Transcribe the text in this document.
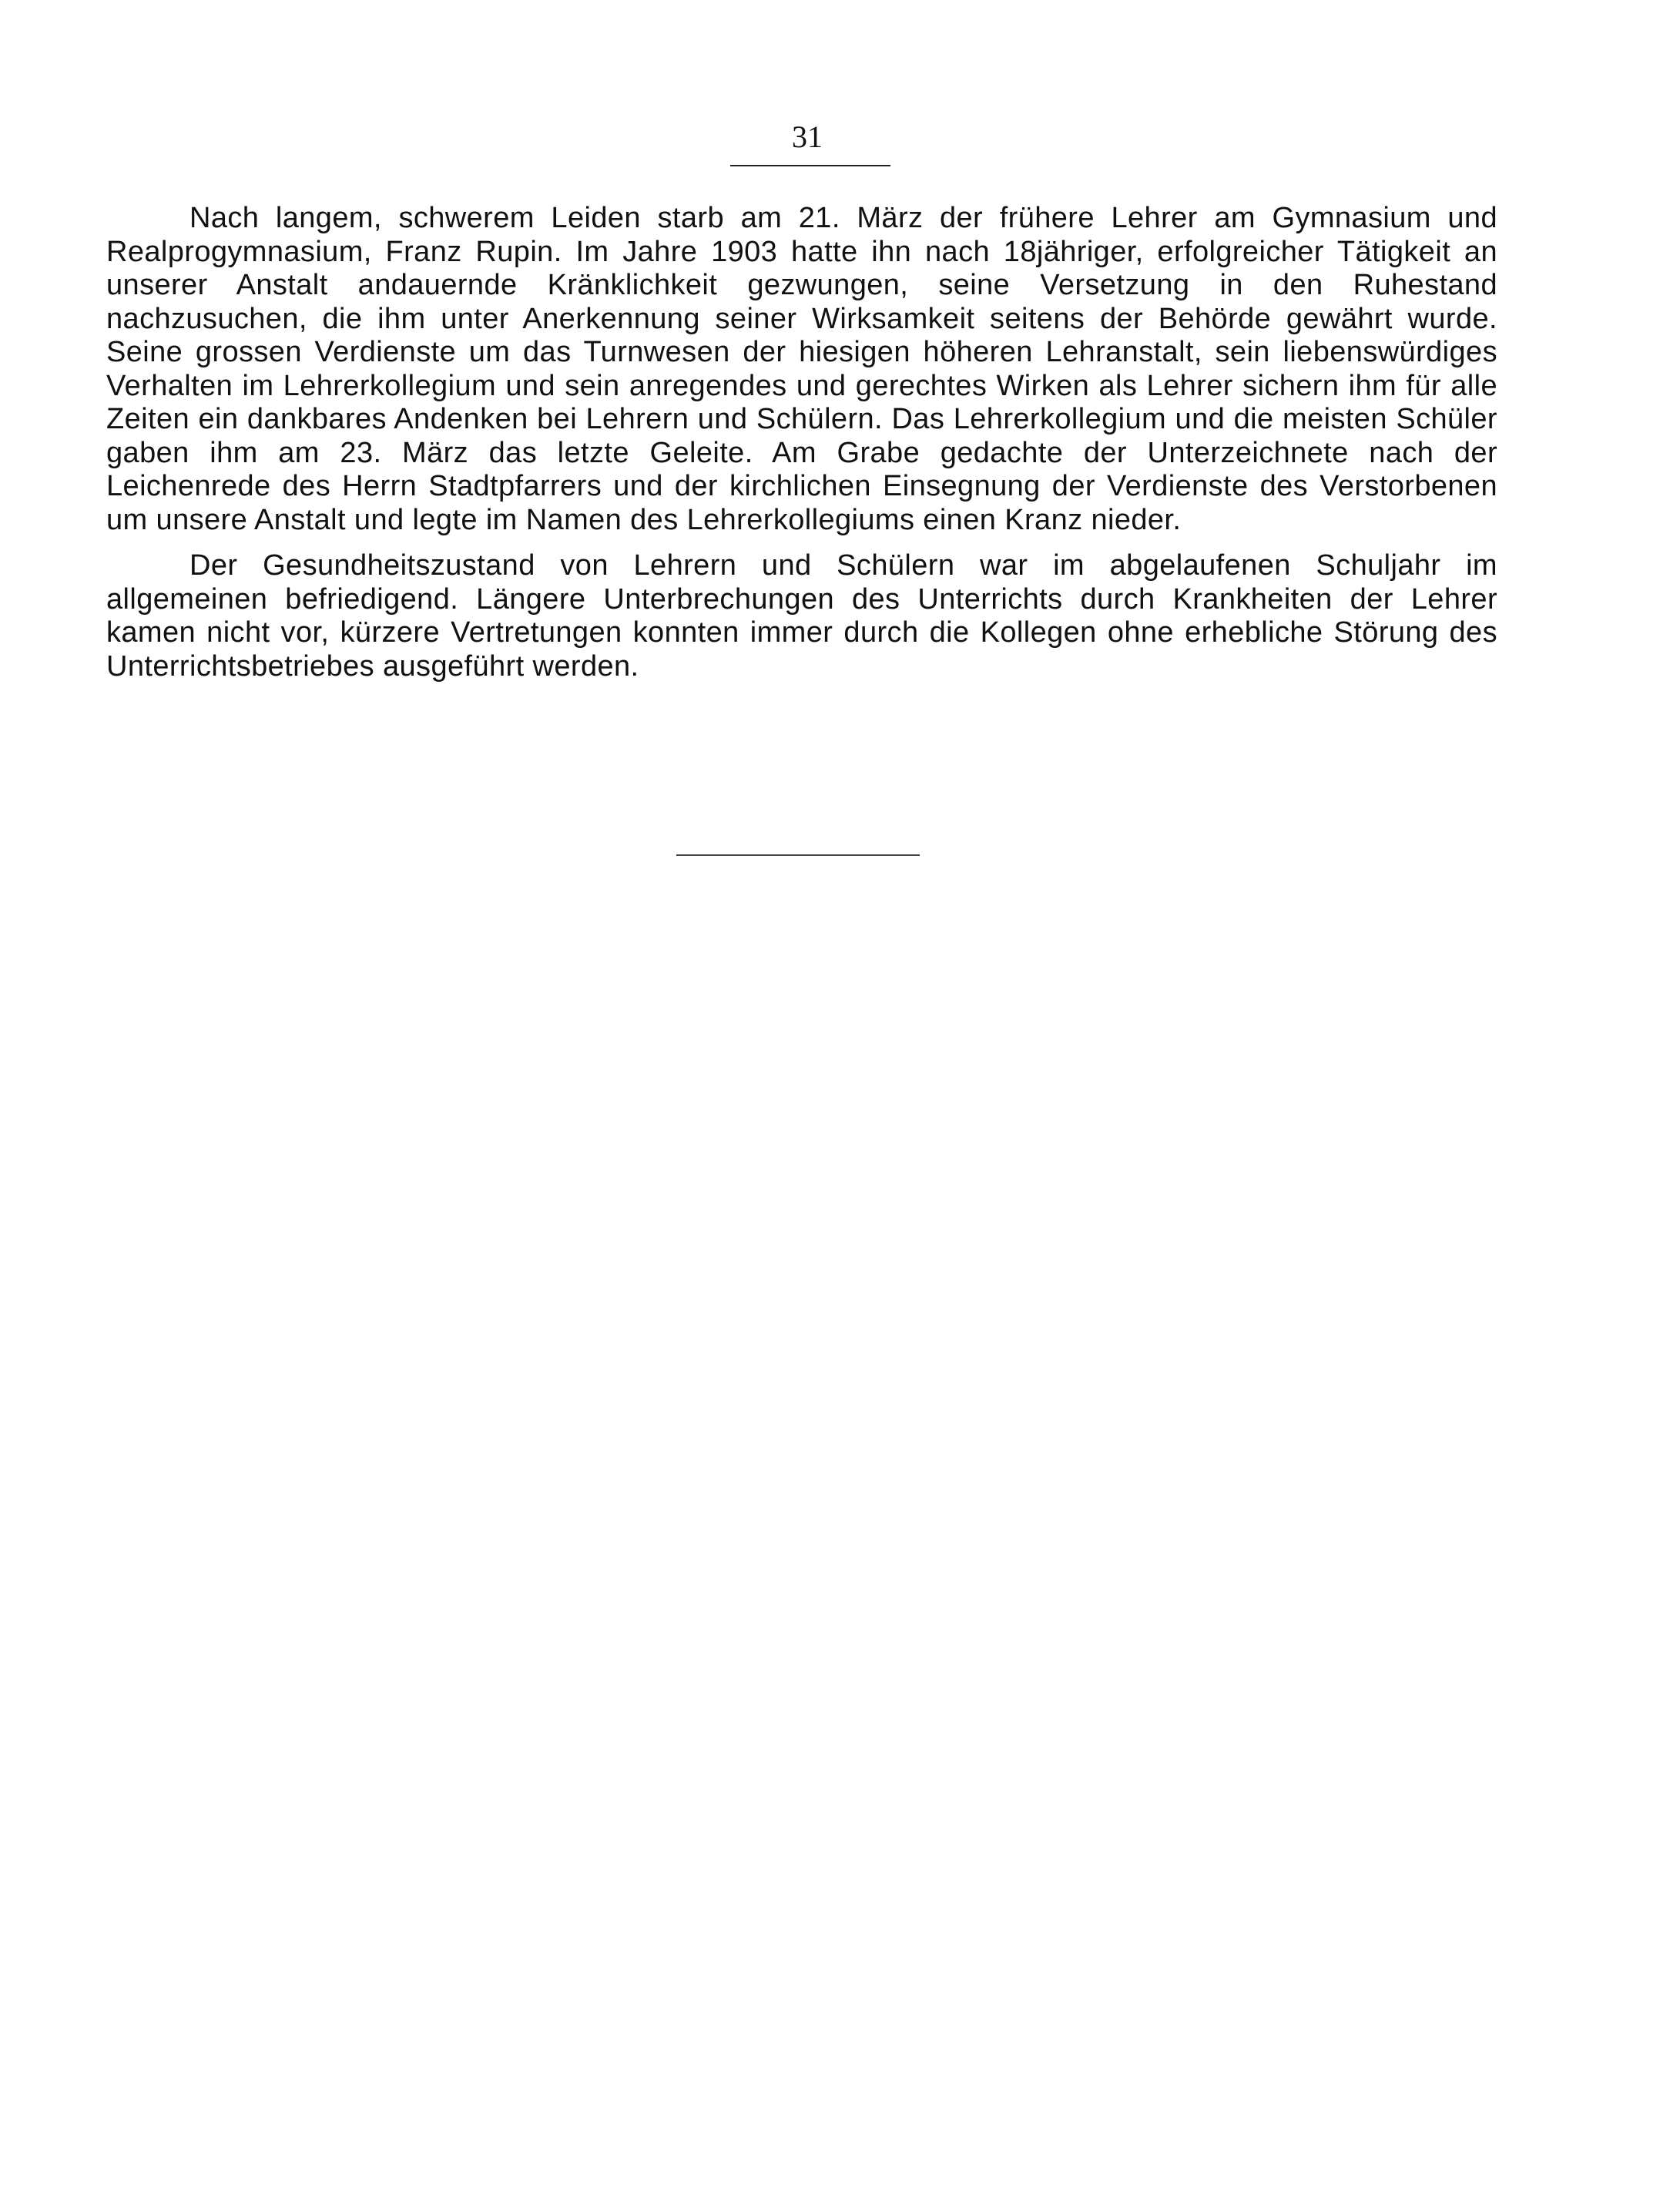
31

Nach langem, schwerem Leiden starb am 21. März der frühere Lehrer am Gymnasium und Realprogymnasium, Franz Rupin. Im Jahre 1903 hatte ihn nach 18jähriger, erfolgreicher Tätigkeit an unserer Anstalt andauernde Kränklichkeit gezwungen, seine Versetzung in den Ruhestand nachzusuchen, die ihm unter Anerkennung seiner Wirksamkeit seitens der Behörde gewährt wurde. Seine grossen Verdienste um das Turnwesen der hiesigen höheren Lehranstalt, sein liebenswürdiges Verhalten im Lehrerkollegium und sein anregendes und gerechtes Wirken als Lehrer sichern ihm für alle Zeiten ein dankbares Andenken bei Lehrern und Schülern. Das Lehrerkollegium und die meisten Schüler gaben ihm am 23. März das letzte Geleite. Am Grabe gedachte der Unterzeichnete nach der Leichenrede des Herrn Stadtpfarrers und der kirchlichen Einsegnung der Verdienste des Verstorbenen um unsere Anstalt und legte im Namen des Lehrerkollegiums einen Kranz nieder.

Der Gesundheitszustand von Lehrern und Schülern war im abgelaufenen Schuljahr im allgemeinen befriedigend. Längere Unterbrechungen des Unterrichts durch Krankheiten der Lehrer kamen nicht vor, kürzere Vertretungen konnten immer durch die Kollegen ohne erhebliche Störung des Unterrichtsbetriebes ausgeführt werden.
